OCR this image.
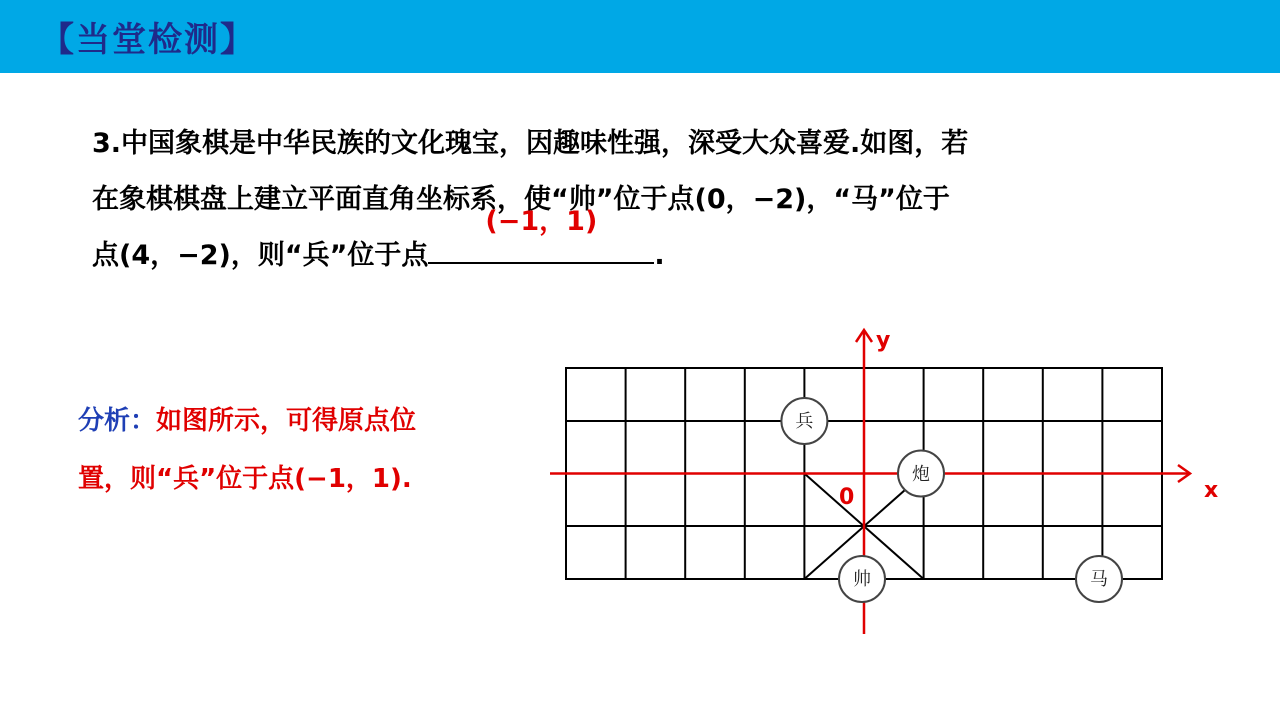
【当堂检测】
3.中国象棋是中华民族的文化瑰宝，因趣味性强，深受大众喜爱.如图，若
在象棋棋盘上建立平面直角坐标系，使“帅”位于点(0，−2)，“马”位于
点(4，−2)，则“兵”位于点
(−1，1)
.
分析：如图所示，可得原点位
置，则“兵”位于点(−1，1).	x
y
0
兵
炮
帅	马
